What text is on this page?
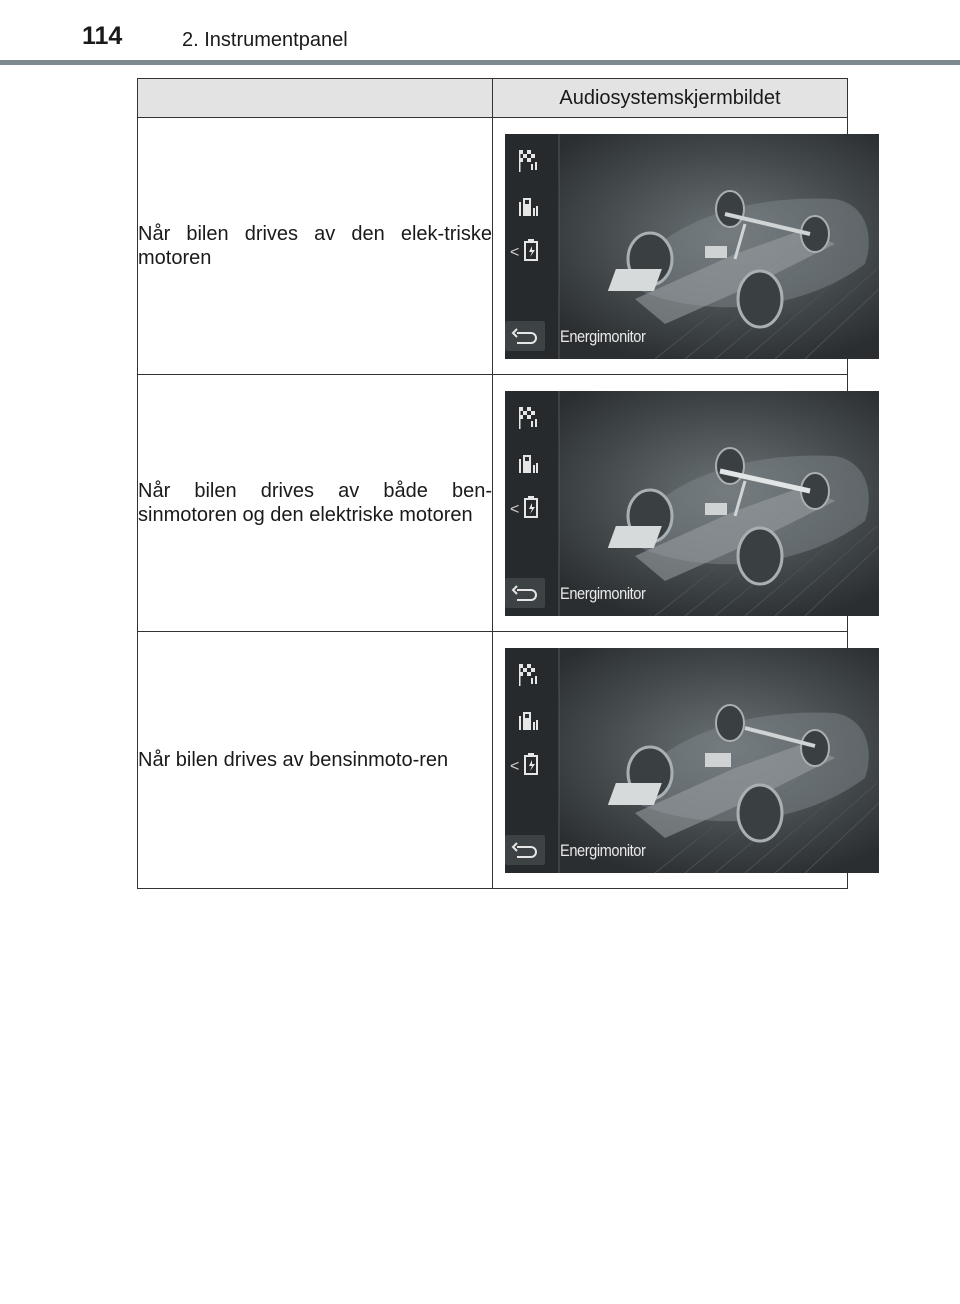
114	2. Instrumentpanel
	Audiosystemskjermbildet

Når bilen drives av den elek-triske motoren	<
Energimonitor

Når bilen drives av både ben-sinmotoren og den elektriske motoren	<
Energimonitor

Når bilen drives av bensinmoto-ren	<
Energimonitor
